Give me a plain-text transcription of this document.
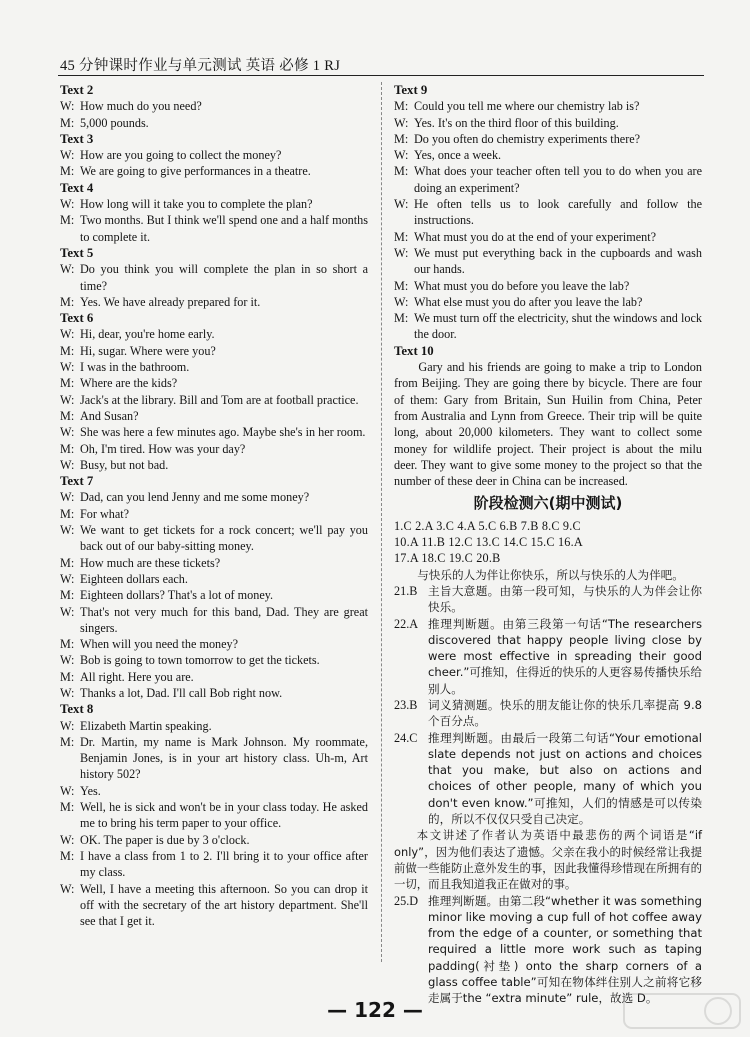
45 分钟课时作业与单元测试 英语 必修 1 RJ
Text 2
W: How much do you need?
M: 5,000 pounds.
Text 3
W: How are you going to collect the money?
M: We are going to give performances in a theatre.
Text 4
W: How long will it take you to complete the plan?
M: Two months. But I think we'll spend one and a half months to complete it.
Text 5
W: Do you think you will complete the plan in so short a time?
M: Yes. We have already prepared for it.
Text 6
W: Hi, dear, you're home early.
M: Hi, sugar. Where were you?
W: I was in the bathroom.
M: Where are the kids?
W: Jack's at the library. Bill and Tom are at football practice.
M: And Susan?
W: She was here a few minutes ago. Maybe she's in her room.
M: Oh, I'm tired. How was your day?
W: Busy, but not bad.
Text 7
W: Dad, can you lend Jenny and me some money?
M: For what?
W: We want to get tickets for a rock concert; we'll pay you back out of our baby-sitting money.
M: How much are these tickets?
W: Eighteen dollars each.
M: Eighteen dollars? That's a lot of money.
W: That's not very much for this band, Dad. They are great singers.
M: When will you need the money?
W: Bob is going to town tomorrow to get the tickets.
M: All right. Here you are.
W: Thanks a lot, Dad. I'll call Bob right now.
Text 8
W: Elizabeth Martin speaking.
M: Dr. Martin, my name is Mark Johnson. My roommate, Benjamin Jones, is in your art history class. Uh-m, Art history 502?
W: Yes.
M: Well, he is sick and won't be in your class today. He asked me to bring his term paper to your office.
W: OK. The paper is due by 3 o'clock.
M: I have a class from 1 to 2. I'll bring it to your office after my class.
W: Well, I have a meeting this afternoon. So you can drop it off with the secretary of the art history department. She'll see that I get it.
Text 9
M: Could you tell me where our chemistry lab is?
W: Yes. It's on the third floor of this building.
M: Do you often do chemistry experiments there?
W: Yes, once a week.
M: What does your teacher often tell you to do when you are doing an experiment?
W: He often tells us to look carefully and follow the instructions.
M: What must you do at the end of your experiment?
W: We must put everything back in the cupboards and wash our hands.
M: What must you do before you leave the lab?
W: What else must you do after you leave the lab?
M: We must turn off the electricity, shut the windows and lock the door.
Text 10
Gary and his friends are going to make a trip to London from Beijing. They are going there by bicycle. There are four of them: Gary from Britain, Sun Huilin from China, Peter from Australia and Lynn from Greece. Their trip will be quite long, about 20,000 kilometers. They want to collect some money for wildlife project. Their project is about the milu deer. They want to give some money to the project so that the number of these deer in China can be increased.
阶段检测六(期中测试)
1.C 2.A 3.C 4.A 5.C 6.B 7.B 8.C 9.C
10.A 11.B 12.C 13.C 14.C 15.C 16.A
17.A 18.C 19.C 20.B
与快乐的人为伴让你快乐，所以与快乐的人为伴吧。
21.B 主旨大意题。由第一段可知，与快乐的人为伴会让你快乐。
22.A 推理判断题。由第三段第一句话“The researchers discovered that happy people living close by were most effective in spreading their good cheer.”可推知，住得近的快乐的人更容易传播快乐给别人。
23.B 词义猜测题。快乐的朋友能让你的快乐几率提高 9.8 个百分点。
24.C 推理判断题。由最后一段第二句话“Your emotional slate depends not just on actions and choices that you make, but also on actions and choices of other people, many of which you don't even know.”可推知，人们的情感是可以传染的，所以不仅仅只受自己决定。
本文讲述了作者认为英语中最悲伤的两个词语是“if only”，因为他们表达了遗憾。父亲在我小的时候经常让我提前做一些能防止意外发生的事，因此我懂得珍惜现在所拥有的一切，而且我知道我正在做对的事。
25.D 推理判断题。由第二段“whether it was something minor like moving a cup full of hot coffee away from the edge of a counter, or something that required a little more work such as taping padding(衬垫) onto the sharp corners of a glass coffee table”可知在物体绊住别人之前将它移走属于the “extra minute” rule，故选 D。
— 122 —
